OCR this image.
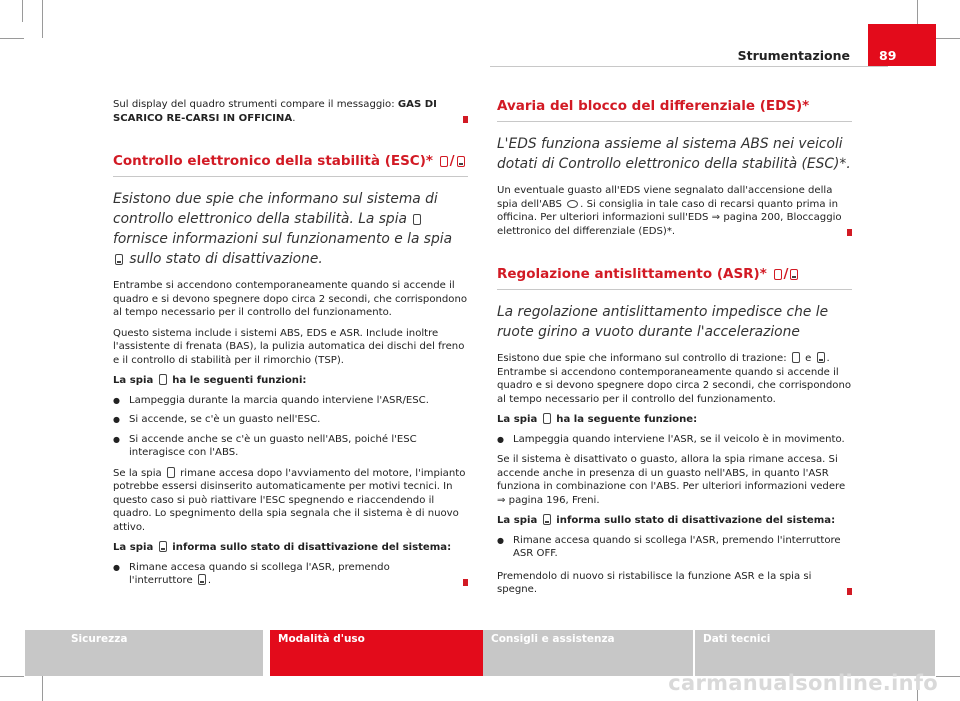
Strumentazione	89
Sul display del quadro strumenti compare il messaggio: GAS DI SCARICO RE-CARSI IN OFFICINA.
Controllo elettronico della stabilità (ESC)* /
Esistono due spie che informano sul sistema di controllo elettronico della stabilità. La spia  fornisce informazioni sul funzionamento e la spia  sullo stato di disattivazione.

Entrambe si accendono contemporaneamente quando si accende il quadro e si devono spegnere dopo circa 2 secondi, che corrispondono al tempo necessario per il controllo del funzionamento.

Questo sistema include i sistemi ABS, EDS e ASR. Include inoltre l'assistente di frenata (BAS), la pulizia automatica dei dischi del freno e il controllo di stabilità per il rimorchio (TSP).

La spia ha le seguenti funzioni:

● Lampeggia durante la marcia quando interviene l'ASR/ESC.
● Si accende, se c'è un guasto nell'ESC.
● Si accende anche se c'è un guasto nell'ABS, poiché l'ESC interagisce con l'ABS.

Se la spia rimane accesa dopo l'avviamento del motore, l'impianto potrebbe essersi disinserito automaticamente per motivi tecnici. In questo caso si può riattivare l'ESC spegnendo e riaccendendo il quadro. Lo spegnimento della spia segnala che il sistema è di nuovo attivo.

La spia informa sullo stato di disattivazione del sistema:

● Rimane accesa quando si scollega l'ASR, premendo l'interruttore .
Avaria del blocco del differenziale (EDS)*
L'EDS funziona assieme al sistema ABS nei veicoli dotati di Controllo elettronico della stabilità (ESC)*.
Un eventuale guasto all'EDS viene segnalato dall'accensione della spia dell'ABS . Si consiglia in tale caso di recarsi quanto prima in officina. Per ulteriori informazioni sull'EDS ⇒ pagina 200, Bloccaggio elettronico del differenziale (EDS)*.
Regolazione antislittamento (ASR)* /
La regolazione antislittamento impedisce che le ruote girino a vuoto durante l'accelerazione

Esistono due spie che informano sul controllo di trazione: e . Entrambe si accendono contemporaneamente quando si accende il quadro e si devono spegnere dopo circa 2 secondi, che corrispondono al tempo necessario per il controllo del funzionamento.

La spia ha la seguente funzione:

● Lampeggia quando interviene l'ASR, se il veicolo è in movimento.

Se il sistema è disattivato o guasto, allora la spia rimane accesa. Si accende anche in presenza di un guasto nell'ABS, in quanto l'ASR funziona in combinazione con l'ABS. Per ulteriori informazioni vedere ⇒ pagina 196, Freni.

La spia informa sullo stato di disattivazione del sistema:

● Rimane accesa quando si scollega l'ASR, premendo l'interruttore ASR OFF.
Premendolo di nuovo si ristabilisce la funzione ASR e la spia si spegne.
Sicurezza	Modalità d'uso	Consigli e assistenza	Dati tecnici
carmanualsonline.info
